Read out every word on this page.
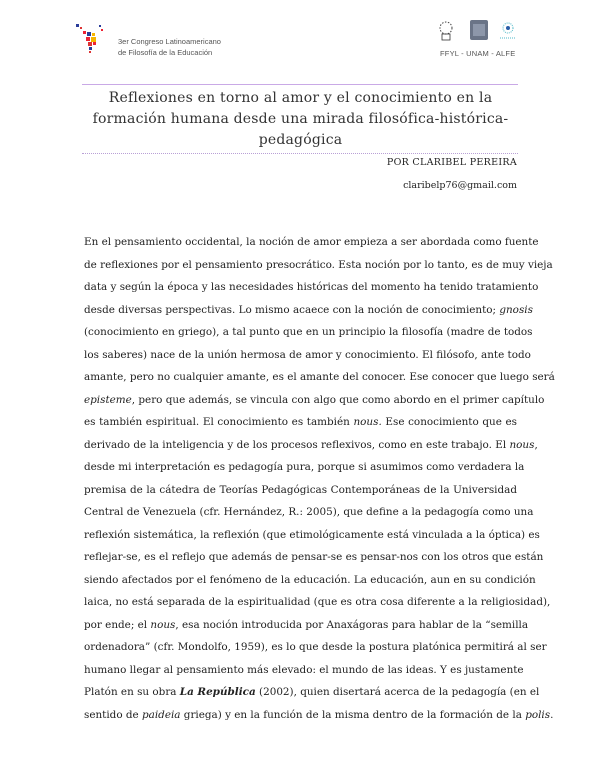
3er Congreso Latinoamericano
de Filosofía de la Educación	FFYL - UNAM - ALFE
Reflexiones en torno al amor y el conocimiento en la
formación humana desde una mirada filosófica-histórica-
pedagógica
POR CLARIBEL PEREIRA
claribelp76@gmail.com
En el pensamiento occidental, la noción de amor empieza a ser abordada como fuente
de reflexiones por el pensamiento presocrático. Esta noción por lo tanto, es de muy vieja
data y según la época y las necesidades históricas del momento ha tenido tratamiento
desde diversas perspectivas. Lo mismo acaece con la noción de conocimiento; gnosis
(conocimiento en griego), a tal punto que en un principio la filosofía (madre de todos
los saberes) nace de la unión hermosa de amor y conocimiento. El filósofo, ante todo
amante, pero no cualquier amante, es el amante del conocer. Ese conocer que luego será
episteme, pero que además, se vincula con algo que como abordo en el primer capítulo
es también espiritual. El conocimiento es también nous. Ese conocimiento que es
derivado de la inteligencia y de los procesos reflexivos, como en este trabajo. El nous,
desde mi interpretación es pedagogía pura, porque si asumimos como verdadera la
premisa de la cátedra de Teorías Pedagógicas Contemporáneas de la Universidad
Central de Venezuela (cfr. Hernández, R.: 2005), que define a la pedagogía como una
reflexión sistemática, la reflexión (que etimológicamente está vinculada a la óptica) es
reflejar-se, es el reflejo que además de pensar-se es pensar-nos con los otros que están
siendo afectados por el fenómeno de la educación. La educación, aun en su condición
laica, no está separada de la espiritualidad (que es otra cosa diferente a la religiosidad),
por ende; el nous, esa noción introducida por Anaxágoras para hablar de la “semilla
ordenadora” (cfr. Mondolfo, 1959), es lo que desde la postura platónica permitirá al ser
humano llegar al pensamiento más elevado: el mundo de las ideas. Y es justamente
Platón en su obra La República (2002), quien disertará acerca de la pedagogía (en el
sentido de paideia griega) y en la función de la misma dentro de la formación de la polis.
